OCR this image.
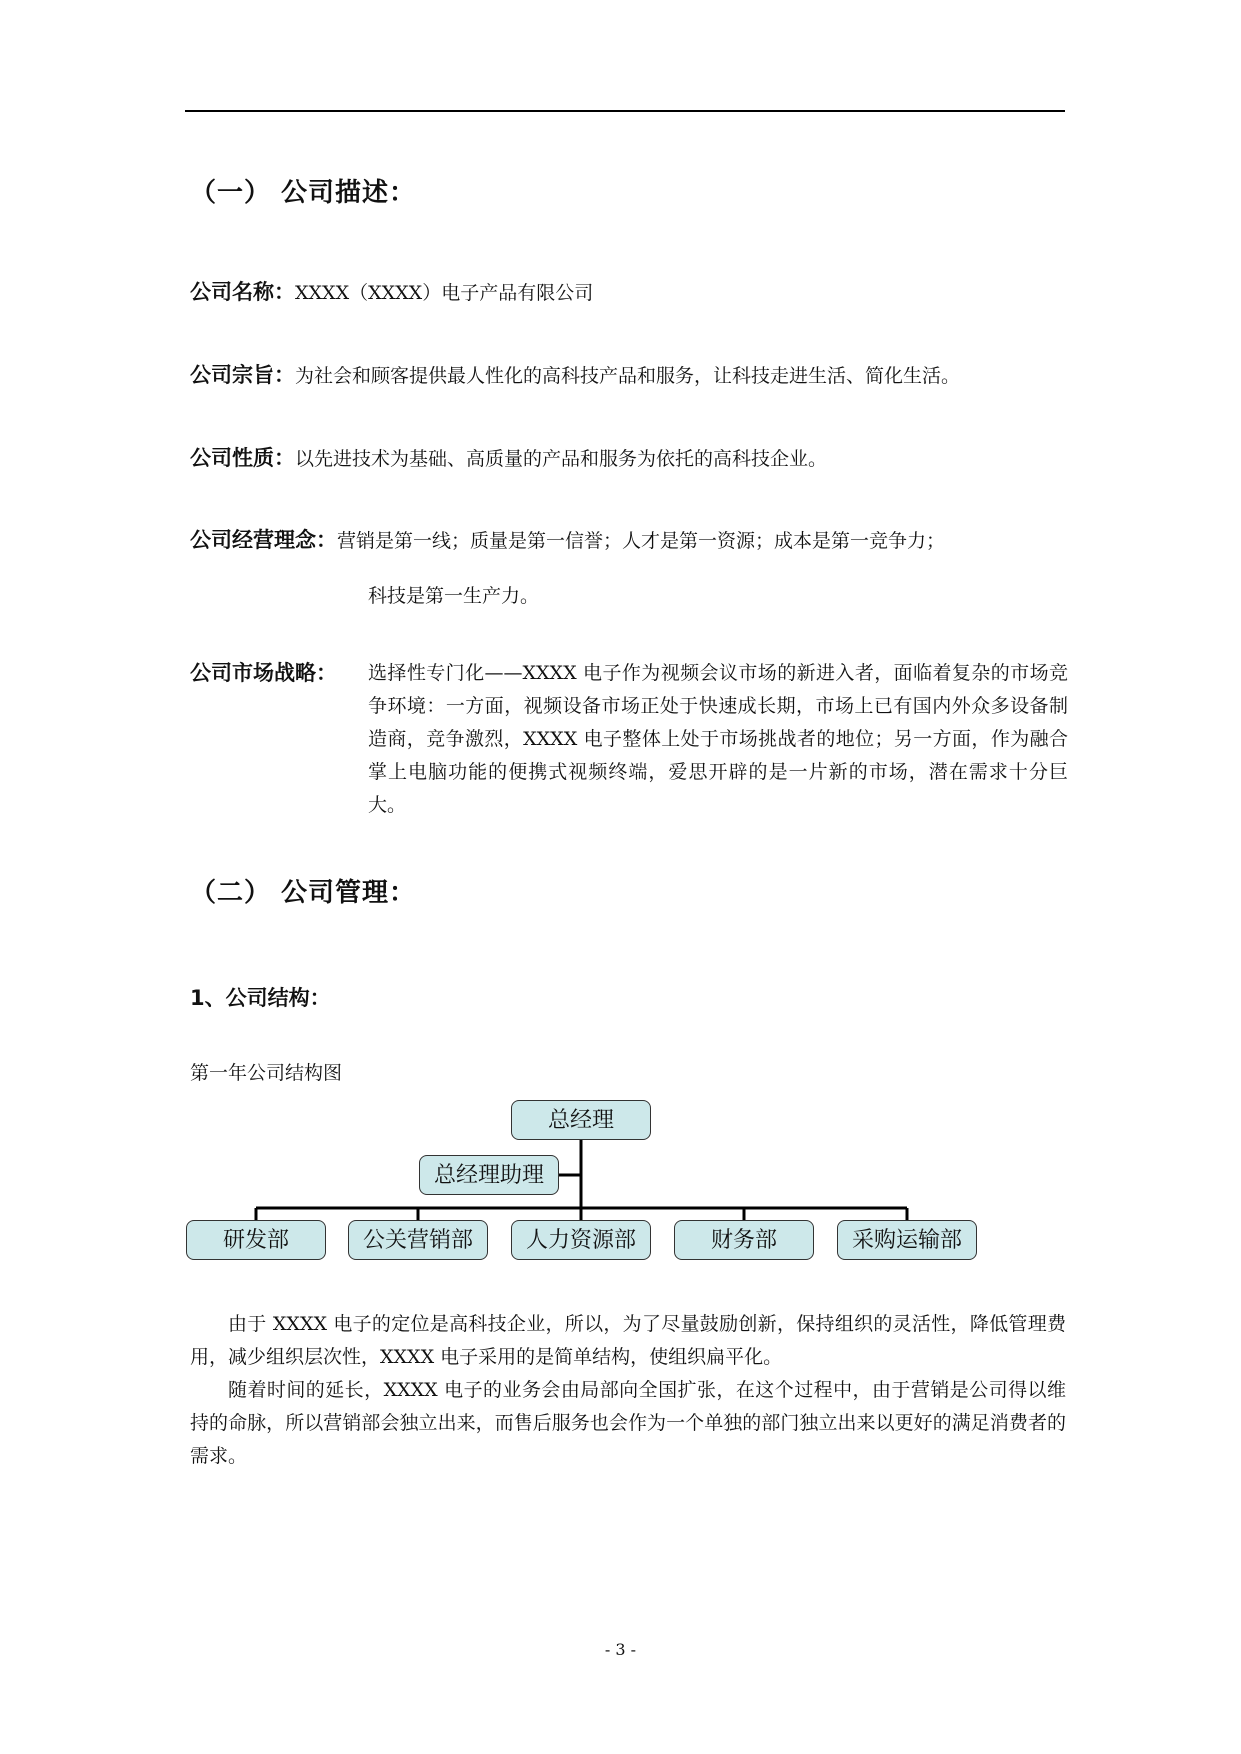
（一） 公司描述：
公司名称：XXXX（XXXX）电子产品有限公司
公司宗旨：为社会和顾客提供最人性化的高科技产品和服务，让科技走进生活、简化生活。
公司性质：以先进技术为基础、高质量的产品和服务为依托的高科技企业。
公司经营理念：营销是第一线；质量是第一信誉；人才是第一资源；成本是第一竞争力；
科技是第一生产力。
公司市场战略： 选择性专门化——XXXX 电子作为视频会议市场的新进入者，面临着复杂的市场竞争环境：一方面，视频设备市场正处于快速成长期，市场上已有国内外众多设备制造商，竞争激烈，XXXX 电子整体上处于市场挑战者的地位；另一方面，作为融合掌上电脑功能的便携式视频终端，爱思开辟的是一片新的市场，潜在需求十分巨大。
（二） 公司管理：
1、公司结构：
第一年公司结构图
总经理
总经理助理
研发部	公关营销部	人力资源部	财务部	采购运输部

由于 XXXX 电子的定位是高科技企业，所以，为了尽量鼓励创新，保持组织的灵活性，降低管理费用，减少组织层次性，XXXX 电子采用的是简单结构，使组织扁平化。

随着时间的延长，XXXX 电子的业务会由局部向全国扩张，在这个过程中，由于营销是公司得以维持的命脉，所以营销部会独立出来，而售后服务也会作为一个单独的部门独立出来以更好的满足消费者的需求。

- 3 -
